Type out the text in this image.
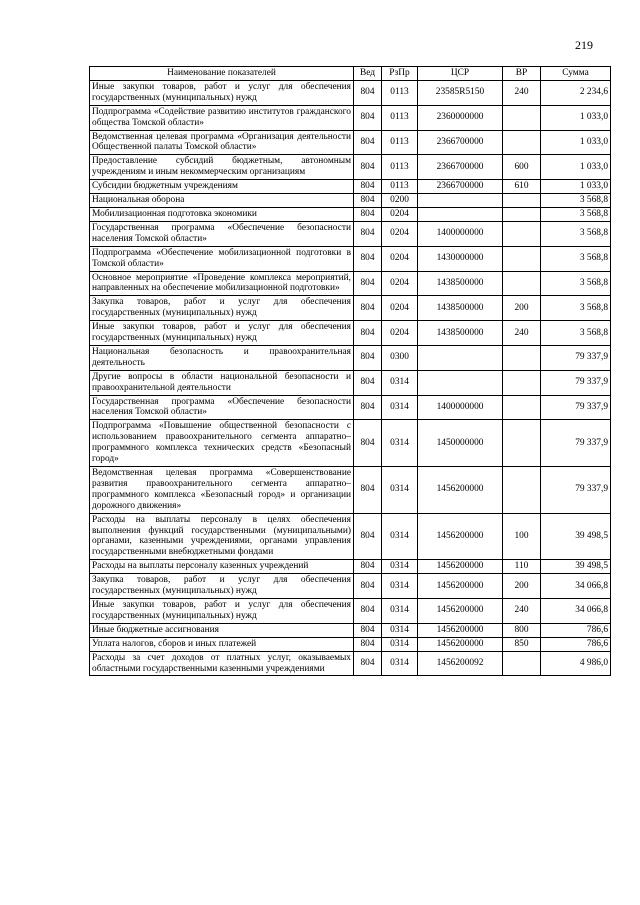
219
Наименование показателей	Вед	РзПр	ЦСР	ВР	Сумма
Иные закупки товаров, работ и услуг для обеспечения государственных (муниципальных) нужд	804	0113	23585R5150	240	2 234,6
Подпрограмма «Содействие развитию институтов гражданского общества Томской области»	804	0113	2360000000		1 033,0
Ведомственная целевая программа «Организация деятельности Общественной палаты Томской области»	804	0113	2366700000		1 033,0
Предоставление субсидий бюджетным, автономным учреждениям и иным некоммерческим организациям	804	0113	2366700000	600	1 033,0
Субсидии бюджетным учреждениям	804	0113	2366700000	610	1 033,0
Национальная оборона	804	0200			3 568,8
Мобилизационная подготовка экономики	804	0204			3 568,8
Государственная программа «Обеспечение безопасности населения Томской области»	804	0204	1400000000		3 568,8
Подпрограмма «Обеспечение мобилизационной подготовки в Томской области»	804	0204	1430000000		3 568,8
Основное мероприятие «Проведение комплекса мероприятий, направленных на обеспечение мобилизационной подготовки»	804	0204	1438500000		3 568,8
Закупка товаров, работ и услуг для обеспечения государственных (муниципальных) нужд	804	0204	1438500000	200	3 568,8
Иные закупки товаров, работ и услуг для обеспечения государственных (муниципальных) нужд	804	0204	1438500000	240	3 568,8
Национальная безопасность и правоохранительная деятельность	804	0300			79 337,9
Другие вопросы в области национальной безопасности и правоохранительной деятельности	804	0314			79 337,9
Государственная программа «Обеспечение безопасности населения Томской области»	804	0314	1400000000		79 337,9
Подпрограмма «Повышение общественной безопасности с использованием правоохранительного сегмента аппаратно–программного комплекса технических средств «Безопасный город»	804	0314	1450000000		79 337,9
Ведомственная целевая программа «Совершенствование развития правоохранительного сегмента аппаратно–программного комплекса «Безопасный город» и организации дорожного движения»	804	0314	1456200000		79 337,9
Расходы на выплаты персоналу в целях обеспечения выполнения функций государственными (муниципальными) органами, казенными учреждениями, органами управления государственными внебюджетными фондами	804	0314	1456200000	100	39 498,5
Расходы на выплаты персоналу казенных учреждений	804	0314	1456200000	110	39 498,5
Закупка товаров, работ и услуг для обеспечения государственных (муниципальных) нужд	804	0314	1456200000	200	34 066,8
Иные закупки товаров, работ и услуг для обеспечения государственных (муниципальных) нужд	804	0314	1456200000	240	34 066,8
Иные бюджетные ассигнования	804	0314	1456200000	800	786,6
Уплата налогов, сборов и иных платежей	804	0314	1456200000	850	786,6
Расходы за счет доходов от платных услуг, оказываемых областными государственными казенными учреждениями	804	0314	1456200092		4 986,0
